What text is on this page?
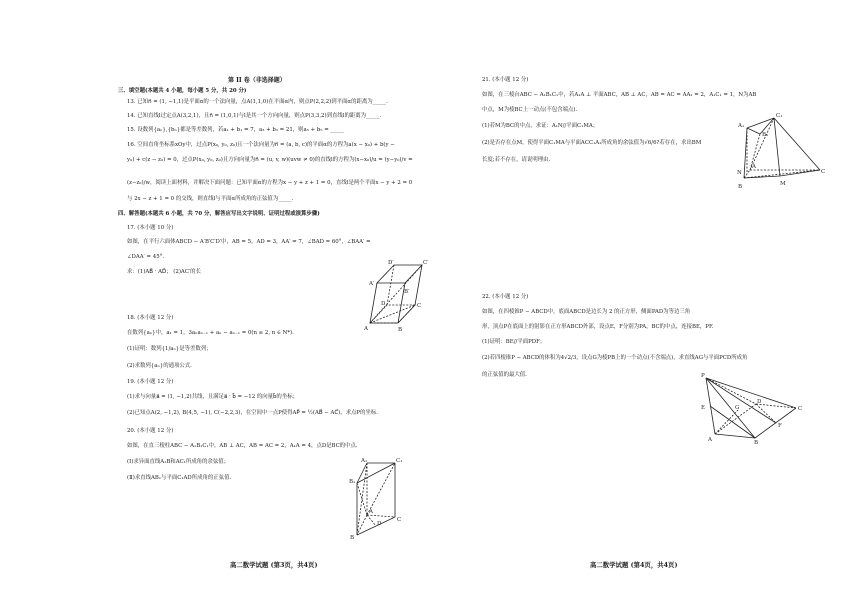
第 II 卷（非选择题）
三、填空题(本题共 4 小题，每小题 5 分，共 20 分)
13. 已知n⃗ = (1, −1,1)是平面α的一个法向量，点A(1,1,0)在平面α内，则点P(2,2,2)到平面α的距离为_____.
14. 已知直线l过定点A(3,2,1)，且n⃗ = (1,0,1)与l是其一个方向向量，则点P(3,3,2)到直线l的距离为_____.
15. 设数列{aₙ},{bₙ}都是等差数列，若a₁ + b₁ = 7，a₃ + b₃ = 21，则a₅ + b₅ = _____
16. 空间直角坐标系xOy中，过点P(x₀, y₀, z₀)且一个法向量为n⃗ = (a, b, c)的平面α的方程为a(x − x₀) + b(y −
y₀) + c(z − z₀) = 0，过点P(x₀, y₀, z₀)且方向向量为n⃗ = (u, v, w)(uvw ≠ 0)的直线l的方程为(x−x₀)/u = (y−y₀)/v =
(z−z₀)/w，阅读上面材料，并解决下面问题：已知平面α的方程为x − y + z + 1 = 0，直线l是两个平面x − y + 2 = 0
与 2x − z + 1 = 0 的交线，则直线l与平面α所成角的正弦值为_____.
四、解答题(本题共 6 小题，共 70 分，解答应写出文字说明、证明过程或演算步骤)
17. (本小题 10 分)
如图，在平行六面体ABCD − A′B′C′D′中，AB = 5，AD = 3，AA′ = 7，∠BAD = 60°，∠BAA′ =
∠DAA′ = 45°.
求：(1)AB⃗ · AD⃗； (2)AC′的长
18. (本小题 12 分)
在数列{aₙ}中，a₁ = 1，3aₙaₙ₋₁ + aₙ − aₙ₋₁ = 0(n ≥ 2, n ∈ N*).
(1)证明：数列{1/aₙ}是等差数列；
(2)求数列{aₙ}的通项公式.
19. (本小题 12 分)
(1)求与向量a⃗ = (1, −1,2)共线，且满足a⃗ · b⃗ = −12 的向量b⃗的坐标；
(2)已知点A(2, −1,2), B(4,5, −1), C(−2,2,3)，在空间中一点P使得AP⃗ = ½(AB⃗ − AC⃗)，求点P的坐标.
20. (本小题 12 分)
如图，在直三棱柱ABC − A₁B₁C₁中，AB ⊥ AC，AB = AC = 2，A₁A = 4，点D是BC的中点.
(Ⅰ)求异面直线A₁B和AC₁所成角的余弦值；
(Ⅱ)求直线AB₁与平面C₁AD所成角的正弦值.
D′	C′
A′
B′
D	C
A	B
A₁	C₁
B₁
A
D
C
B
高二数学试题 (第3页，共4页)
21. (本小题 12 分)
如图，在三棱台ABC − A₁B₁C₁中，若A₁A ⊥ 平面ABC，AB ⊥ AC，AB = AC = AA₁ = 2，A₁C₁ = 1，N为AB
中点，M为棱BC上一动点(不包含端点).
(1)若M为BC的中点，求证：A₁N//平面C₁MA；
(2)是否存在点M，使得平面C₁MA与平面ACC₁A₁所成角的余弦值为√6/6?若存在，求出BM
长度;若不存在，请说明理由.
A₁
C₁
B₁
A
N	C
M
B
22. (本小题 12 分)
如图，在四棱锥P − ABCD中，底面ABCD是边长为 2 的正方形，侧面PAD为等边三角
形，顶点P在底面上的射影在正方形ABCD外部，设点E，F分别为PA，BC的中点，连接BE，PF.
(1)证明：BE//平面PDF；
(2)若四棱锥P − ABCD的体积为4√2/3，设点G为棱PB上的一个动点(不含端点)，求直线AG与平面PCD所成角
的正弦值的最大值.	P
E	G
D
C
F
A	B
高二数学试题 (第4页，共4页)
